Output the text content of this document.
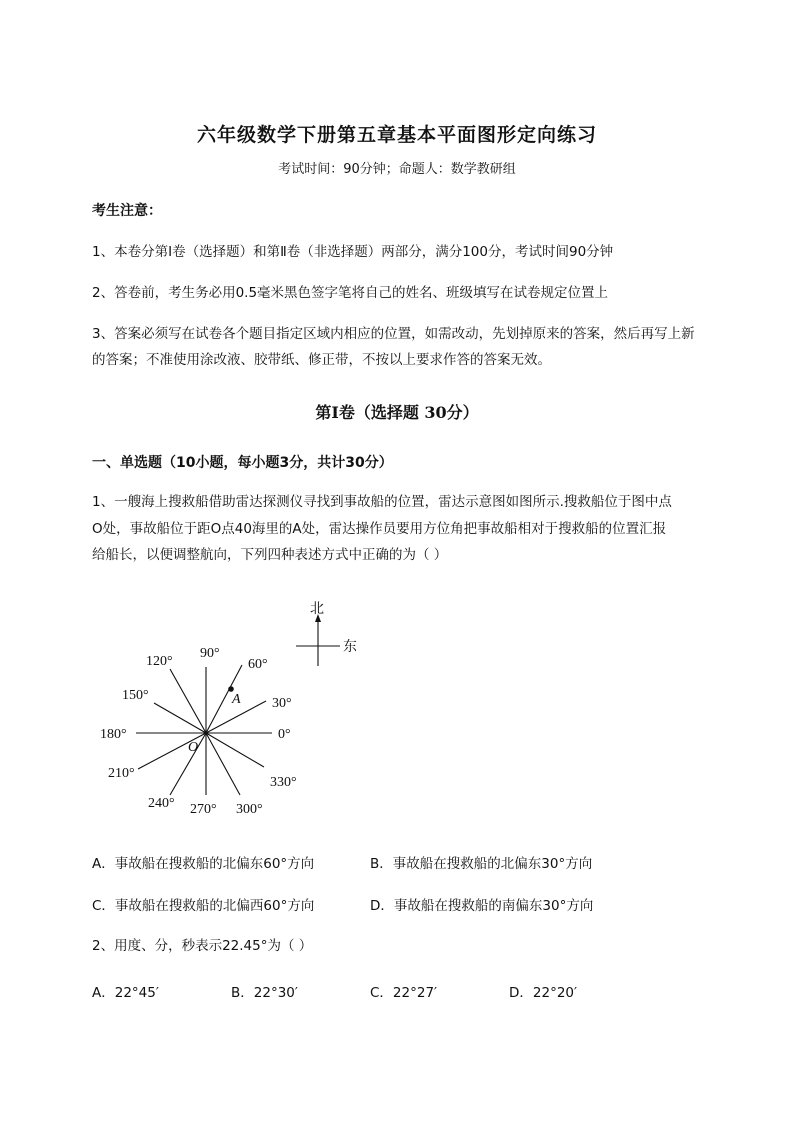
六年级数学下册第五章基本平面图形定向练习
考试时间：90分钟；命题人：数学教研组
考生注意：
1、本卷分第Ⅰ卷（选择题）和第Ⅱ卷（非选择题）两部分，满分100分，考试时间90分钟
2、答卷前，考生务必用0.5毫米黑色签字笔将自己的姓名、班级填写在试卷规定位置上
3、答案必须写在试卷各个题目指定区域内相应的位置，如需改动，先划掉原来的答案，然后再写上新
的答案；不准使用涂改液、胶带纸、修正带，不按以上要求作答的答案无效。
第Ⅰ卷（选择题 30分）
一、单选题（10小题，每小题3分，共计30分）
1、一艘海上搜救船借助雷达探测仪寻找到事故船的位置，雷达示意图如图所示.搜救船位于图中点
O处，事故船位于距O点40海里的A处，雷达操作员要用方位角把事故船相对于搜救船的位置汇报
给船长，以便调整航向，下列四种表述方式中正确的为（ ）
90°
120°	60°
150°
30°
180°	0°
210°
330°
240° 270° 300°
A
O
北
东
A．事故船在搜救船的北偏东60°方向	B．事故船在搜救船的北偏东30°方向
C．事故船在搜救船的北偏西60°方向	D．事故船在搜救船的南偏东30°方向
2、用度、分，秒表示22.45°为（ ）
A．22°45′	B．22°30′	C．22°27′	D．22°20′
